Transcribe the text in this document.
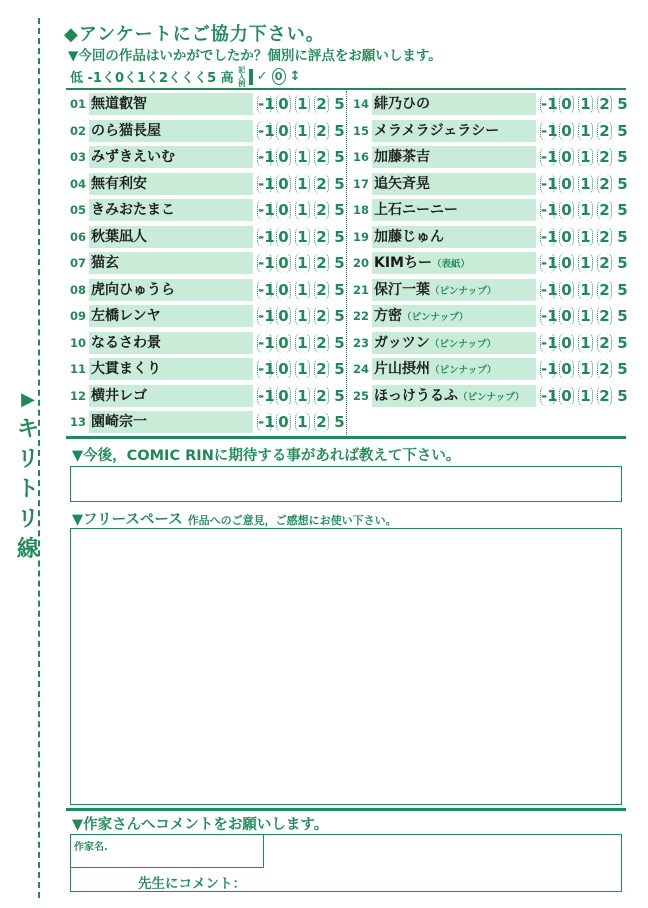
▶
キリトリ線
◆アンケートにご協力下さい。
▼今回の作品はいかがでしたか？個別に評点をお願いします。
低 -1く0く1く2くくく5 高 記入例 ✓ 0 ↕
01 無道叡智	-1 0 1 2 5
02 のら猫長屋	-1 0 1 2 5
03 みずきえいむ	-1 0 1 2 5
04 無有利安	-1 0 1 2 5
05 きみおたまこ	-1 0 1 2 5
06 秋葉凪人	-1 0 1 2 5
07 猫玄	-1 0 1 2 5
08 虎向ひゅうら	-1 0 1 2 5
09 左橋レンヤ	-1 0 1 2 5
10 なるさわ景	-1 0 1 2 5
11 大貫まくり	-1 0 1 2 5
12 横井レゴ	-1 0 1 2 5
13 園崎宗一	-1 0 1 2 5
14 緋乃ひの	-1 0 1 2 5
15 メラメラジェラシー	-1 0 1 2 5
16 加藤茶吉	-1 0 1 2 5
17 追矢斉晃	-1 0 1 2 5
18 上石ニーニー	-1 0 1 2 5
19 加藤じゅん	-1 0 1 2 5
20 KIMちー（表紙）	-1 0 1 2 5
21 保汀一葉（ピンナップ）	-1 0 1 2 5
22 方密（ピンナップ）	-1 0 1 2 5
23 ガッツン（ピンナップ）	-1 0 1 2 5
24 片山摂州（ピンナップ）	-1 0 1 2 5
25 ほっけうるふ（ピンナップ）	-1 0 1 2 5
▼今後，COMIC RINに期待する事があれば教えて下さい。
▼フリースペース 作品へのご意見，ご感想にお使い下さい。
▼作家さんへコメントをお願いします。
作家名.
先生にコメント：
